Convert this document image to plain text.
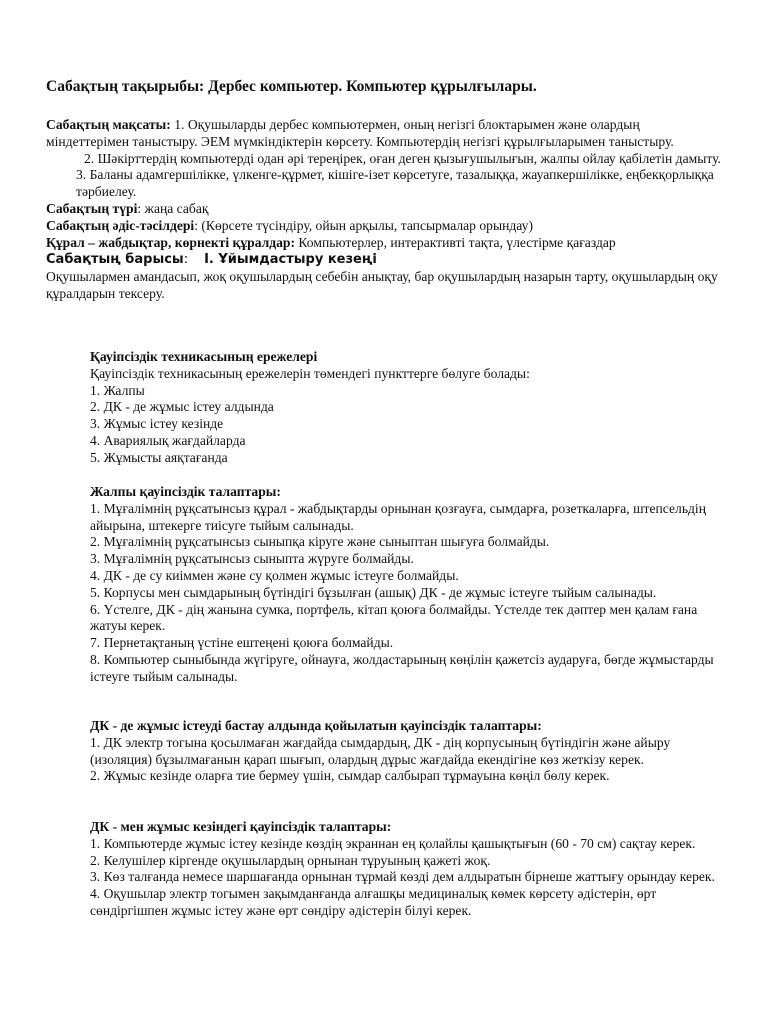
Сабақтың тақырыбы: Дербес компьютер. Компьютер құрылғылары.

Сабақтың мақсаты: 1. Оқушыларды дербес компьютермен, оның негізгі блоктарымен және олардың міндеттерімен таныстыру. ЭЕМ мүмкіндіктерін көрсету. Компьютердің негізгі құрылғыларымен таныстыру.

2. Шәкірттердің компьютерді одан әрі тереңірек, оған деген қызығушылығын, жалпы ойлау қабілетін дамыту.

3. Баланы адамгершілікке, үлкенге-құрмет, кішіге-ізет көрсетуге, тазалыққа, жауапкершілікке, еңбекқорлыққа тәрбиелеу.

Сабақтың түрі: жаңа сабақ

Сабақтың әдіс-тәсілдері: (Көрсете түсіндіру, ойын арқылы, тапсырмалар орындау)

Құрал – жабдықтар, көрнекті құралдар: Компьютерлер, интерактивті тақта, үлестірме қағаздар

Сабақтың барысы: I. Ұйымдастыру кезеңі

Оқушылармен амандасып, жоқ оқушылардың себебін анықтау, бар оқушылардың назарын тарту, оқушылардың оқу құралдарын тексеру.

Қауіпсіздік техникасының ережелері

Қауіпсіздік техникасының ережелерін төмендегі пункттерге бөлуге болады:

1. Жалпы

2. ДК - де жұмыс істеу алдында

3. Жұмыс істеу кезінде

4. Авариялық жағдайларда

5. Жұмысты аяқтағанда

Жалпы қауіпсіздік талаптары:

1. Мұғалімнің рұқсатынсыз құрал - жабдықтарды орнынан қозғауға, сымдарға, розеткаларға, штепсельдің айырына, штекерге тиісуге тыйым салынады.

2. Мұғалімнің рұқсатынсыз сыныпқа кіруге және сыныптан шығуға болмайды.

3. Мұғалімнің рұқсатынсыз сыныпта жүруге болмайды.

4. ДК - де су киіммен және су қолмен жұмыс істеуге болмайды.

5. Корпусы мен сымдарының бүтіндігі бұзылған (ашық) ДК - де жұмыс істеуге тыйым салынады.

6. Үстелге, ДК - дің жанына сумка, портфель, кітап қоюға болмайды. Үстелде тек дәптер мен қалам ғана жатуы керек.

7. Пернетақтаның үстіне ештеңені қоюға болмайды.

8. Компьютер сыныбында жүгіруге, ойнауға, жолдастарының көңілін қажетсіз аударуға, бөгде жұмыстарды істеуге тыйым салынады.

ДК - де жұмыс істеуді бастау алдында қойылатын қауіпсіздік талаптары:

1. ДК электр тогына қосылмаған жағдайда сымдардың, ДК - дің корпусының бүтіндігін және айыру (изоляция) бұзылмағанын қарап шығып, олардың дұрыс жағдайда екендігіне көз жеткізу керек.

2. Жұмыс кезінде оларға тие бермеу үшін, сымдар салбырап тұрмауына көңіл бөлу керек.

ДК - мен жұмыс кезіндегі қауіпсіздік талаптары:

1. Компьютерде жұмыс істеу кезінде көздің экраннан ең қолайлы қашықтығын (60 - 70 см) сақтау керек.

2. Келушілер кіргенде оқушылардың орнынан тұруының қажеті жоқ.

3. Көз талғанда немесе шаршағанда орнынан тұрмай көзді дем алдыратын бірнеше жаттығу орындау керек.

4. Оқушылар электр тогымен зақымданғанда алғашқы медициналық көмек көрсету әдістерін, өрт сөндіргішпен жұмыс істеу және өрт сөндіру әдістерін білуі керек.
